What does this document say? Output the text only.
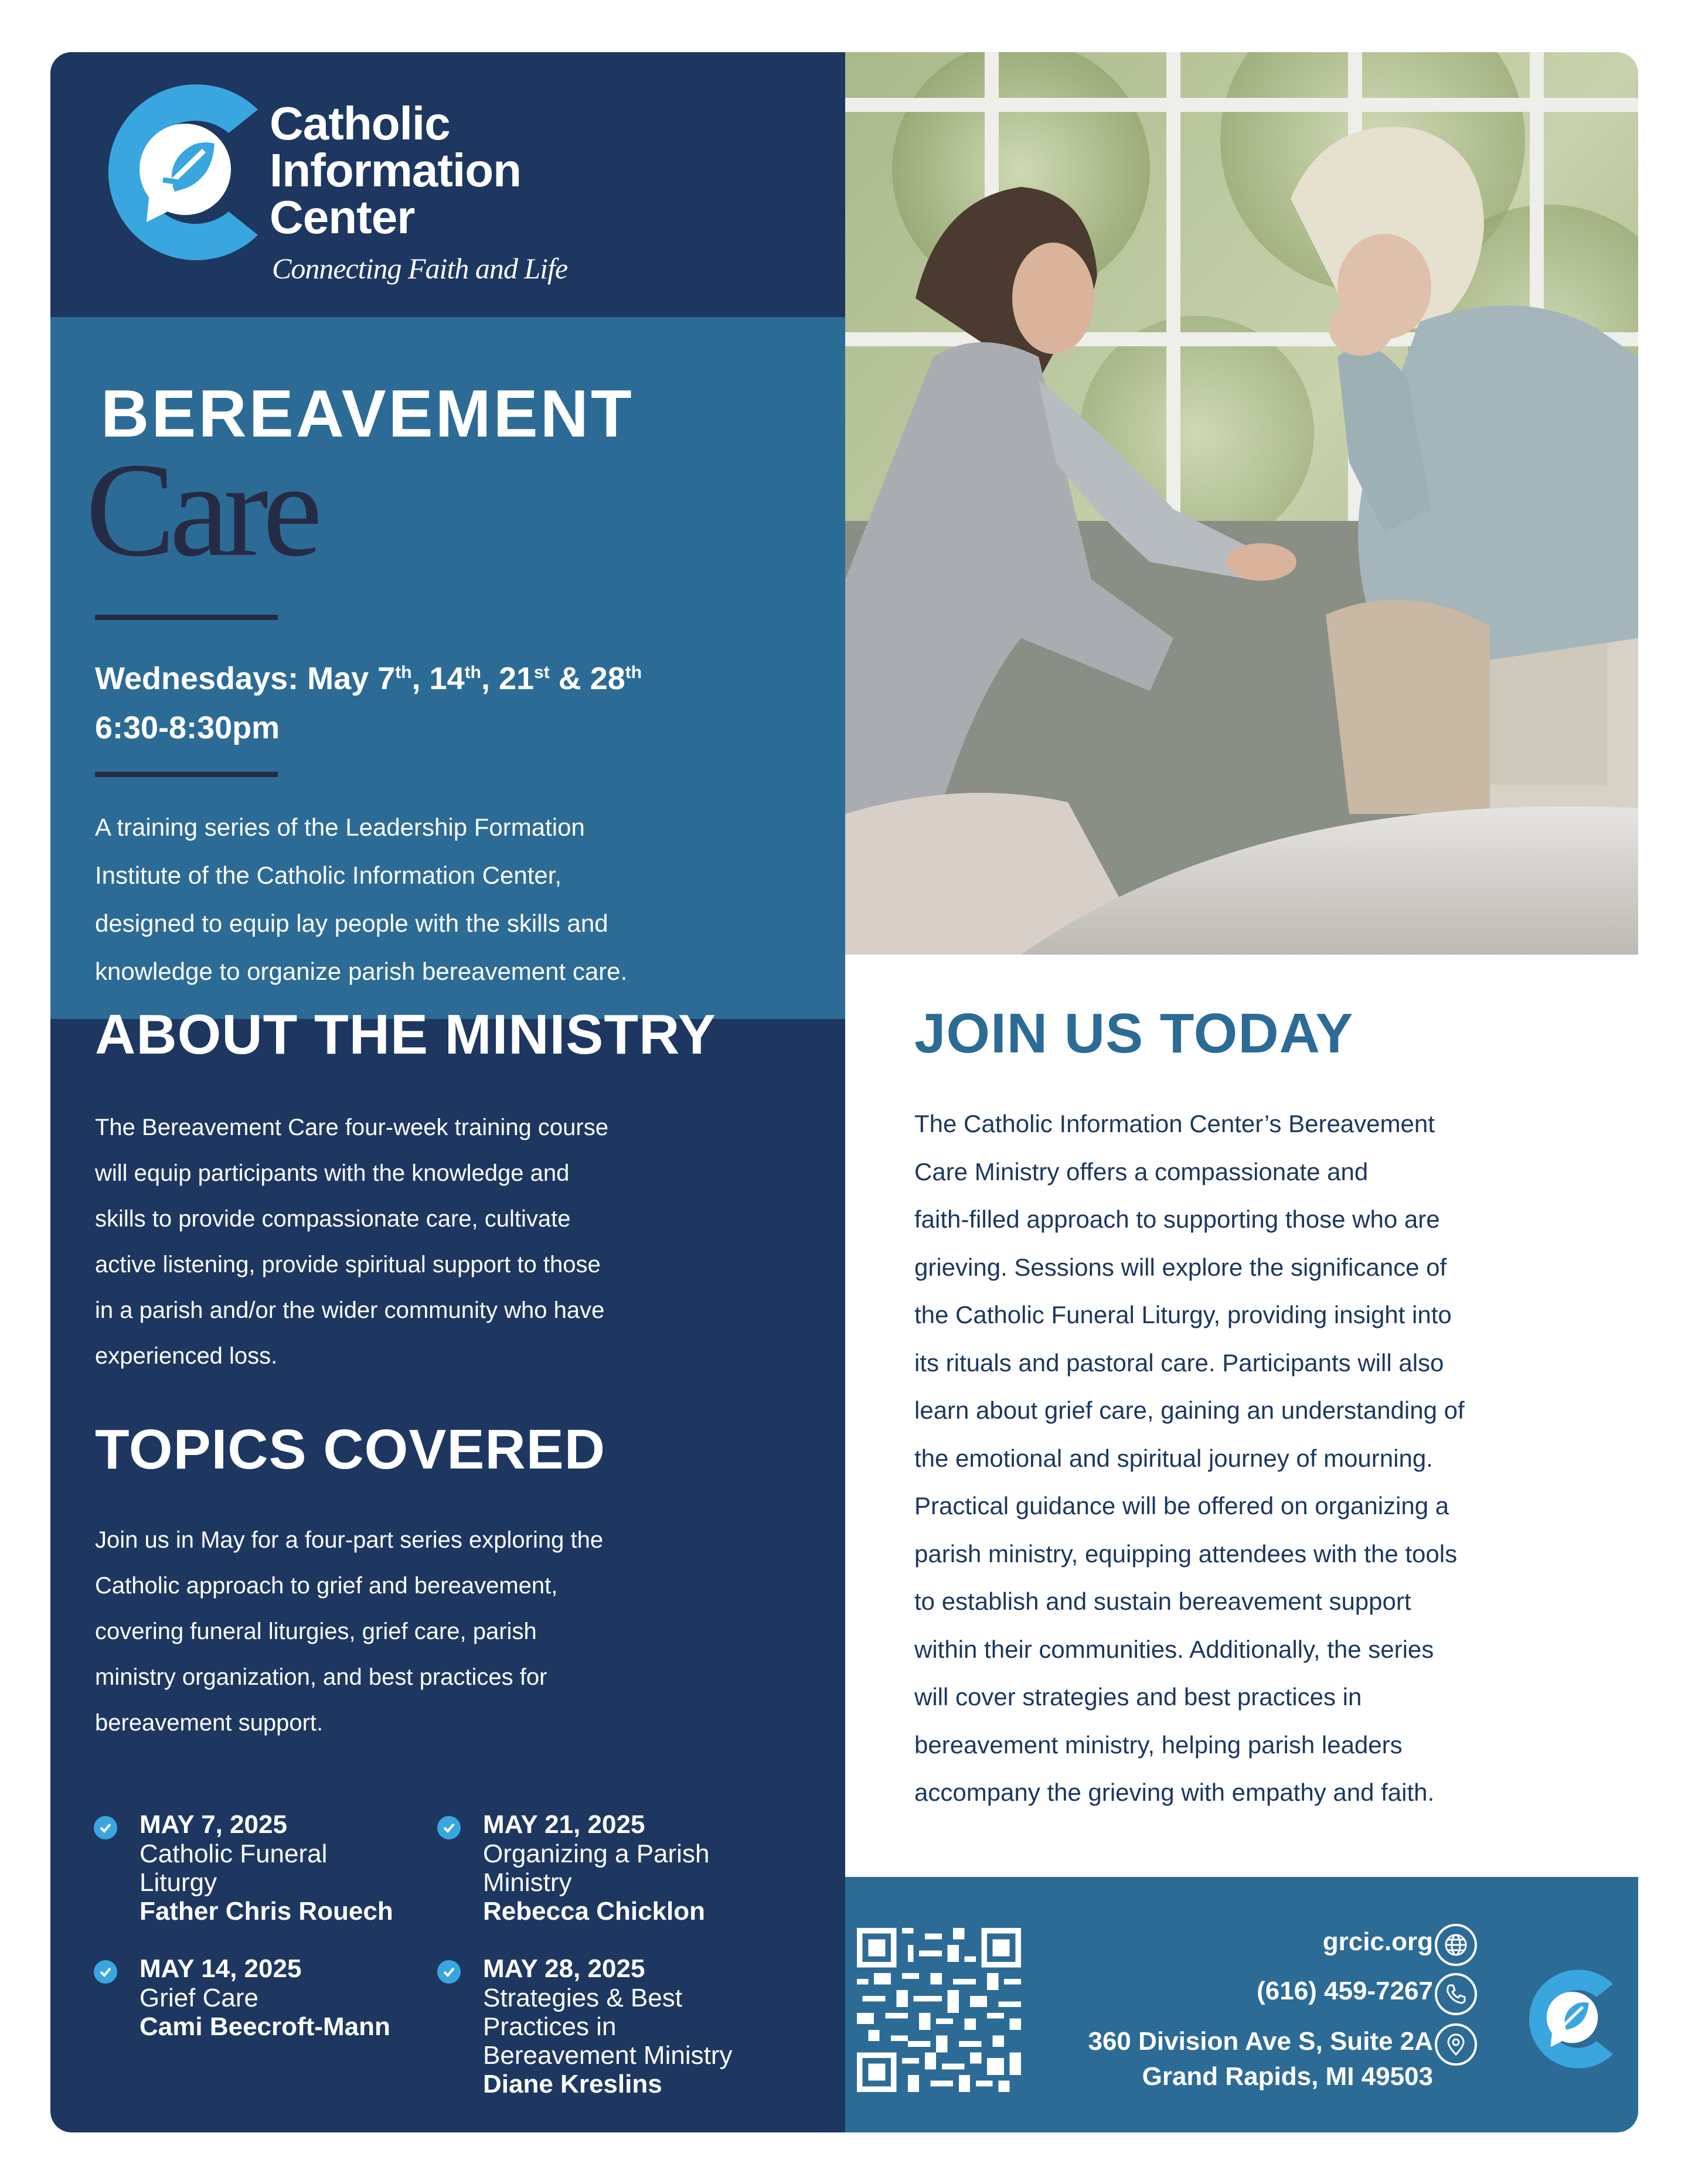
Catholic
Information
Center
Connecting Faith and Life
BEREAVEMENT
Care
Wednesdays: May 7th, 14th, 21st & 28th
6:30-8:30pm
A training series of the Leadership Formation
Institute of the Catholic Information Center,
designed to equip lay people with the skills and
knowledge to organize parish bereavement care.
ABOUT THE MINISTRY
The Bereavement Care four-week training course
will equip participants with the knowledge and
skills to provide compassionate care, cultivate
active listening, provide spiritual support to those
in a parish and/or the wider community who have
experienced loss.
TOPICS COVERED
Join us in May for a four-part series exploring the
Catholic approach to grief and bereavement,
covering funeral liturgies, grief care, parish
ministry organization, and best practices for
bereavement support.
MAY 7, 2025
Catholic Funeral
Liturgy
Father Chris Rouech
MAY 21, 2025
Organizing a Parish
Ministry
Rebecca Chicklon
MAY 14, 2025
Grief Care
Cami Beecroft-Mann
MAY 28, 2025
Strategies & Best
Practices in
Bereavement Ministry
Diane Kreslins
JOIN US TODAY
The Catholic Information Center’s Bereavement
Care Ministry offers a compassionate and
faith-filled approach to supporting those who are
grieving. Sessions will explore the significance of
the Catholic Funeral Liturgy, providing insight into
its rituals and pastoral care. Participants will also
learn about grief care, gaining an understanding of
the emotional and spiritual journey of mourning.
Practical guidance will be offered on organizing a
parish ministry, equipping attendees with the tools
to establish and sustain bereavement support
within their communities. Additionally, the series
will cover strategies and best practices in
bereavement ministry, helping parish leaders
accompany the grieving with empathy and faith.
grcic.org
(616) 459-7267
360 Division Ave S, Suite 2A
Grand Rapids, MI 49503
